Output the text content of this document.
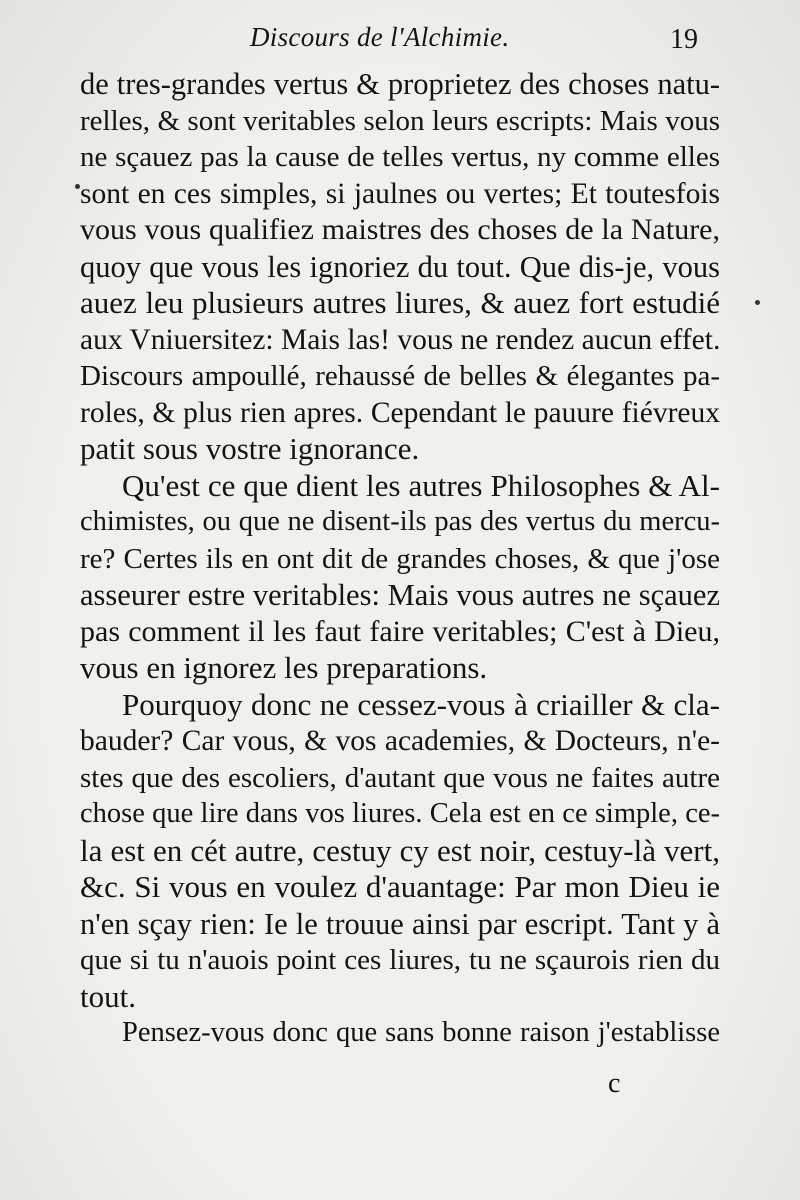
Discours de l'Alchimie.	19
de tres-grandes vertus & proprietez des choses natu-
relles, & sont veritables selon leurs escripts: Mais vous
ne sçauez pas la cause de telles vertus, ny comme elles
sont en ces simples, si jaulnes ou vertes; Et toutesfois
vous vous qualifiez maistres des choses de la Nature,
quoy que vous les ignoriez du tout. Que dis-je, vous
auez leu plusieurs autres liures, & auez fort estudié
aux Vniuersitez: Mais las! vous ne rendez aucun effet.
Discours ampoullé, rehaussé de belles & élegantes pa-
roles, & plus rien apres. Cependant le pauure fiévreux
patit sous vostre ignorance.
Qu'est ce que dient les autres Philosophes & Al-
chimistes, ou que ne disent-ils pas des vertus du mercu-
re? Certes ils en ont dit de grandes choses, & que j'ose
asseurer estre veritables: Mais vous autres ne sçauez
pas comment il les faut faire veritables; C'est à Dieu,
vous en ignorez les preparations.
Pourquoy donc ne cessez-vous à criailler & cla-
bauder? Car vous, & vos academies, & Docteurs, n'e-
stes que des escoliers, d'autant que vous ne faites autre
chose que lire dans vos liures. Cela est en ce simple, ce-
la est en cét autre, cestuy cy est noir, cestuy-là vert,
&c. Si vous en voulez d'auantage: Par mon Dieu ie
n'en sçay rien: Ie le trouue ainsi par escript. Tant y à
que si tu n'auois point ces liures, tu ne sçaurois rien du
tout.
Pensez-vous donc que sans bonne raison j'establisse
c
